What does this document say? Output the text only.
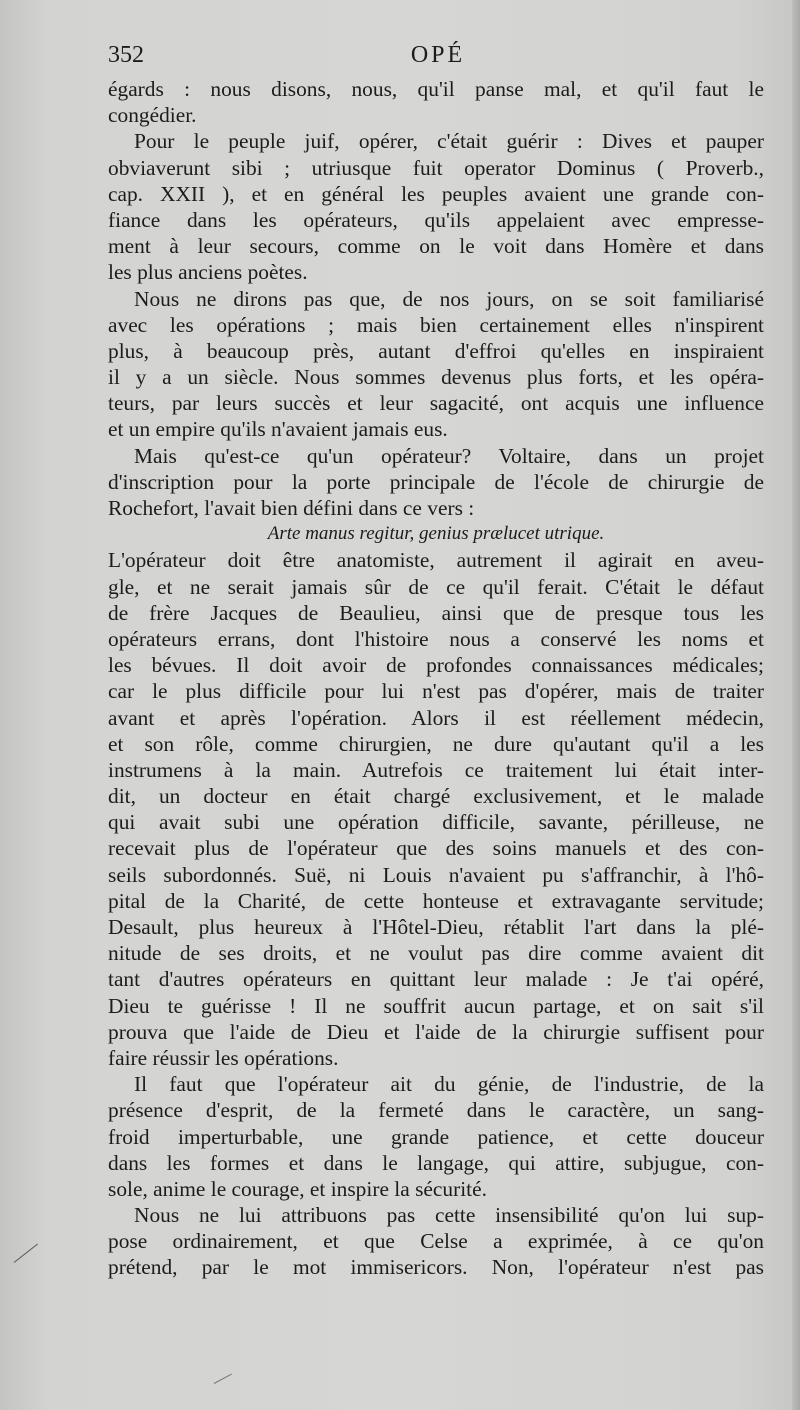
352	OPÉ
égards : nous disons, nous, qu'il panse mal, et qu'il faut le
congédier.
Pour le peuple juif, opérer, c'était guérir : Dives et pauper
obviaverunt sibi ; utriusque fuit operator Dominus ( Proverb.,
cap. XXII ), et en général les peuples avaient une grande con-
fiance dans les opérateurs, qu'ils appelaient avec empresse-
ment à leur secours, comme on le voit dans Homère et dans
les plus anciens poètes.
Nous ne dirons pas que, de nos jours, on se soit familiarisé
avec les opérations ; mais bien certainement elles n'inspirent
plus, à beaucoup près, autant d'effroi qu'elles en inspiraient
il y a un siècle. Nous sommes devenus plus forts, et les opéra-
teurs, par leurs succès et leur sagacité, ont acquis une influence
et un empire qu'ils n'avaient jamais eus.
Mais qu'est-ce qu'un opérateur? Voltaire, dans un projet
d'inscription pour la porte principale de l'école de chirurgie de
Rochefort, l'avait bien défini dans ce vers :
Arte manus regitur, genius prælucet utrique.
L'opérateur doit être anatomiste, autrement il agirait en aveu-
gle, et ne serait jamais sûr de ce qu'il ferait. C'était le défaut
de frère Jacques de Beaulieu, ainsi que de presque tous les
opérateurs errans, dont l'histoire nous a conservé les noms et
les bévues. Il doit avoir de profondes connaissances médicales;
car le plus difficile pour lui n'est pas d'opérer, mais de traiter
avant et après l'opération. Alors il est réellement médecin,
et son rôle, comme chirurgien, ne dure qu'autant qu'il a les
instrumens à la main. Autrefois ce traitement lui était inter-
dit, un docteur en était chargé exclusivement, et le malade
qui avait subi une opération difficile, savante, périlleuse, ne
recevait plus de l'opérateur que des soins manuels et des con-
seils subordonnés. Suë, ni Louis n'avaient pu s'affranchir, à l'hô-
pital de la Charité, de cette honteuse et extravagante servitude;
Desault, plus heureux à l'Hôtel-Dieu, rétablit l'art dans la plé-
nitude de ses droits, et ne voulut pas dire comme avaient dit
tant d'autres opérateurs en quittant leur malade : Je t'ai opéré,
Dieu te guérisse ! Il ne souffrit aucun partage, et on sait s'il
prouva que l'aide de Dieu et l'aide de la chirurgie suffisent pour
faire réussir les opérations.
Il faut que l'opérateur ait du génie, de l'industrie, de la
présence d'esprit, de la fermeté dans le caractère, un sang-
froid imperturbable, une grande patience, et cette douceur
dans les formes et dans le langage, qui attire, subjugue, con-
sole, anime le courage, et inspire la sécurité.
Nous ne lui attribuons pas cette insensibilité qu'on lui sup-
pose ordinairement, et que Celse a exprimée, à ce qu'on
prétend, par le mot immisericors. Non, l'opérateur n'est pas
